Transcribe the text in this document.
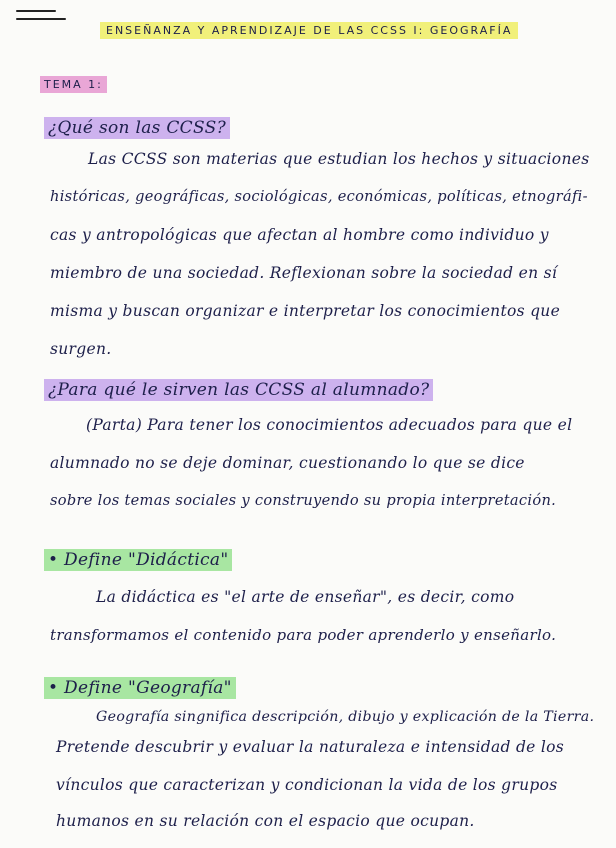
ENSEÑANZA Y APRENDIZAJE DE LAS CCSS I: GEOGRAFÍA
TEMA 1:
¿Qué son las CCSS?
Las CCSS son materias que estudian los hechos y situaciones
históricas, geográficas, sociológicas, económicas, políticas, etnográfi-
cas y antropológicas que afectan al hombre como individuo y
miembro de una sociedad. Reflexionan sobre la sociedad en sí
misma y buscan organizar e interpretar los conocimientos que
surgen.
¿Para qué le sirven las CCSS al alumnado?
(Parta) Para tener los conocimientos adecuados para que el
alumnado no se deje dominar, cuestionando lo que se dice
sobre los temas sociales y construyendo su propia interpretación.
• Define "Didáctica"
La didáctica es "el arte de enseñar", es decir, como
transformamos el contenido para poder aprenderlo y enseñarlo.
• Define "Geografía"
Geografía singnifica descripción, dibujo y explicación de la Tierra.
Pretende descubrir y evaluar la naturaleza e intensidad de los
vínculos que caracterizan y condicionan la vida de los grupos
humanos en su relación con el espacio que ocupan.
